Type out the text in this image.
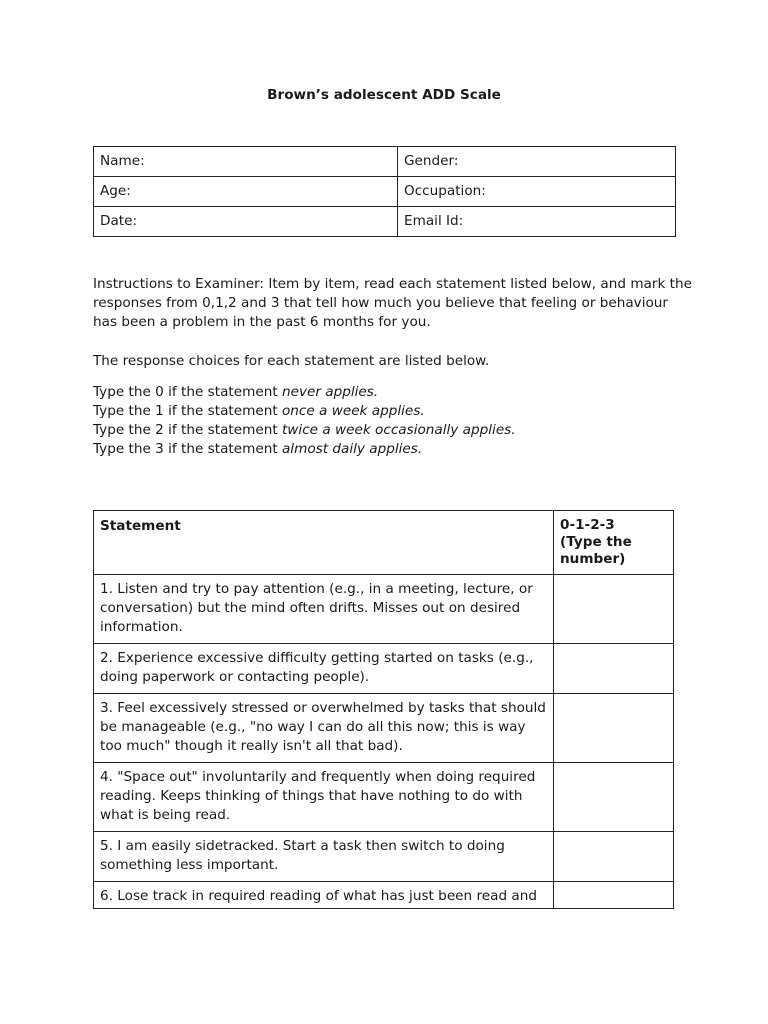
Brown’s adolescent ADD Scale
Name:	Gender:
Age:	Occupation:
Date:	Email Id:
Instructions to Examiner: Item by item, read each statement listed below, and mark the responses from 0,1,2 and 3 that tell how much you believe that feeling or behaviour has been a problem in the past 6 months for you.
The response choices for each statement are listed below.
Type the 0 if the statement never applies.
Type the 1 if the statement once a week applies.
Type the 2 if the statement twice a week occasionally applies.
Type the 3 if the statement almost daily applies.
Statement	0-1-2-3
(Type the
number)
1. Listen and try to pay attention (e.g., in a meeting, lecture, or conversation) but the mind often drifts. Misses out on desired information.	
2. Experience excessive difficulty getting started on tasks (e.g., doing paperwork or contacting people).	
3. Feel excessively stressed or overwhelmed by tasks that should be manageable (e.g., "no way I can do all this now; this is way too much" though it really isn't all that bad).	
4. "Space out" involuntarily and frequently when doing required reading. Keeps thinking of things that have nothing to do with what is being read.	
5. I am easily sidetracked. Start a task then switch to doing something less important.	
6. Lose track in required reading of what has just been read and	
